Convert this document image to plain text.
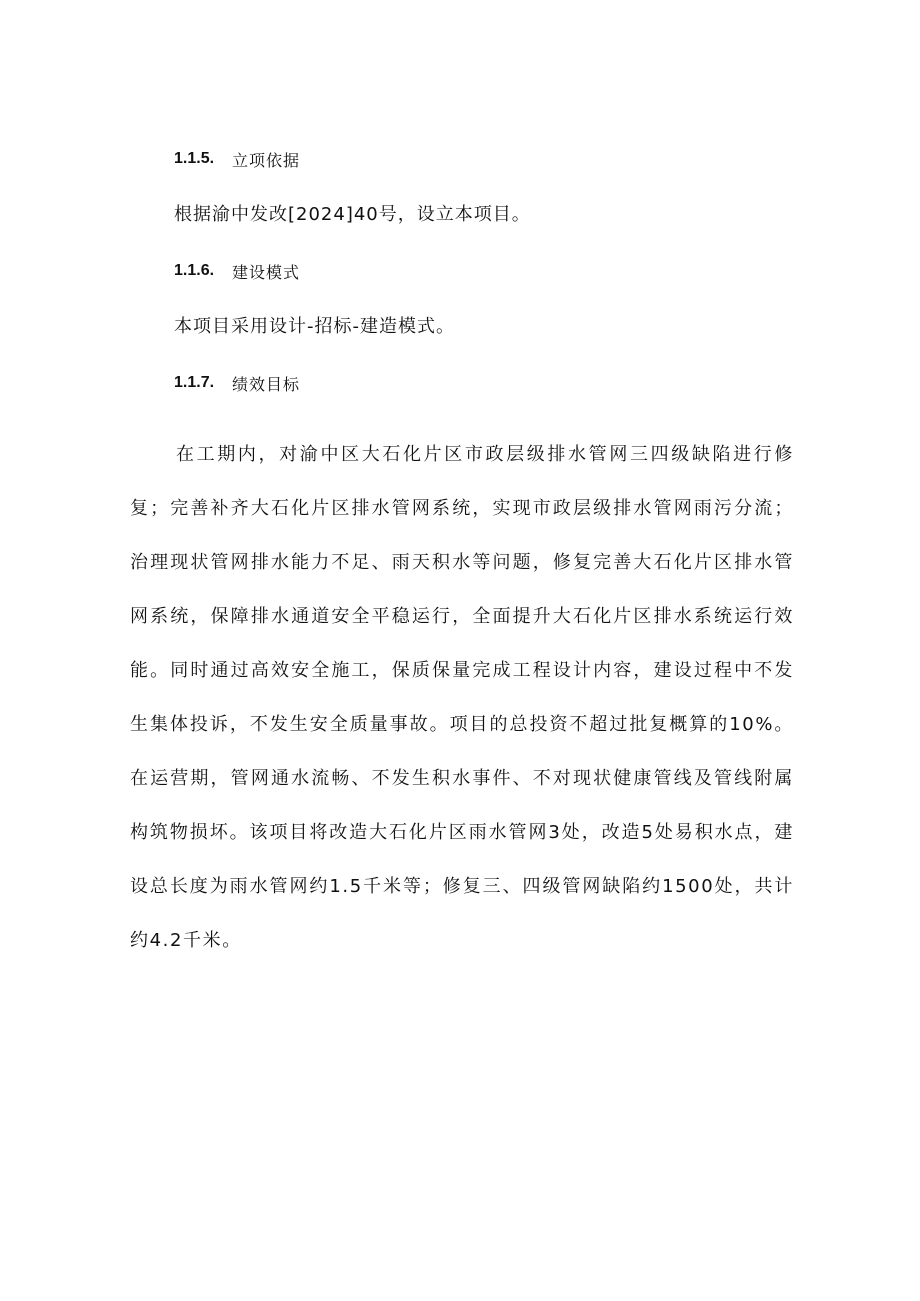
1.1.5. 立项依据
根据渝中发改[2024]40号，设立本项目。
1.1.6. 建设模式
本项目采用设计-招标-建造模式。
1.1.7. 绩效目标

在工期内，对渝中区大石化片区市政层级排水管网三四级缺陷进行修复；完善补齐大石化片区排水管网系统，实现市政层级排水管网雨污分流；治理现状管网排水能力不足、雨天积水等问题，修复完善大石化片区排水管网系统，保障排水通道安全平稳运行，全面提升大石化片区排水系统运行效能。同时通过高效安全施工，保质保量完成工程设计内容，建设过程中不发生集体投诉，不发生安全质量事故。项目的总投资不超过批复概算的10%。在运营期，管网通水流畅、不发生积水事件、不对现状健康管线及管线附属构筑物损坏。该项目将改造大石化片区雨水管网3处，改造5处易积水点，建设总长度为雨水管网约1.5千米等；修复三、四级管网缺陷约1500处，共计约4.2千米。
